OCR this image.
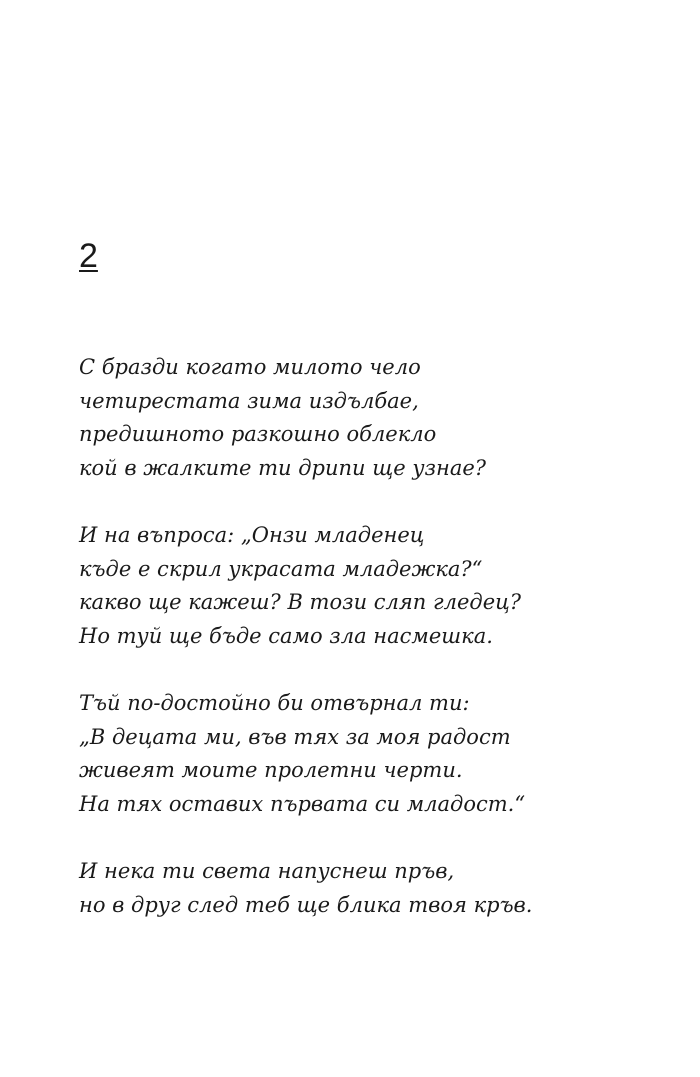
2
С бразди когато милото чело
четирестата зима издълбае,
предишното разкошно облекло
кой в жалките ти дрипи ще узнае?
И на въпроса: „Онзи младенец
къде е скрил украсата младежка?“
какво ще кажеш? В този сляп гледец?
Но туй ще бъде само зла насмешка.
Тъй по-достойно би отвърнал ти:
„В децата ми, във тях за моя радост
живеят моите пролетни черти.
На тях оставих първата си младост.“
И нека ти света напуснеш пръв,
но в друг след теб ще блика твоя кръв.
